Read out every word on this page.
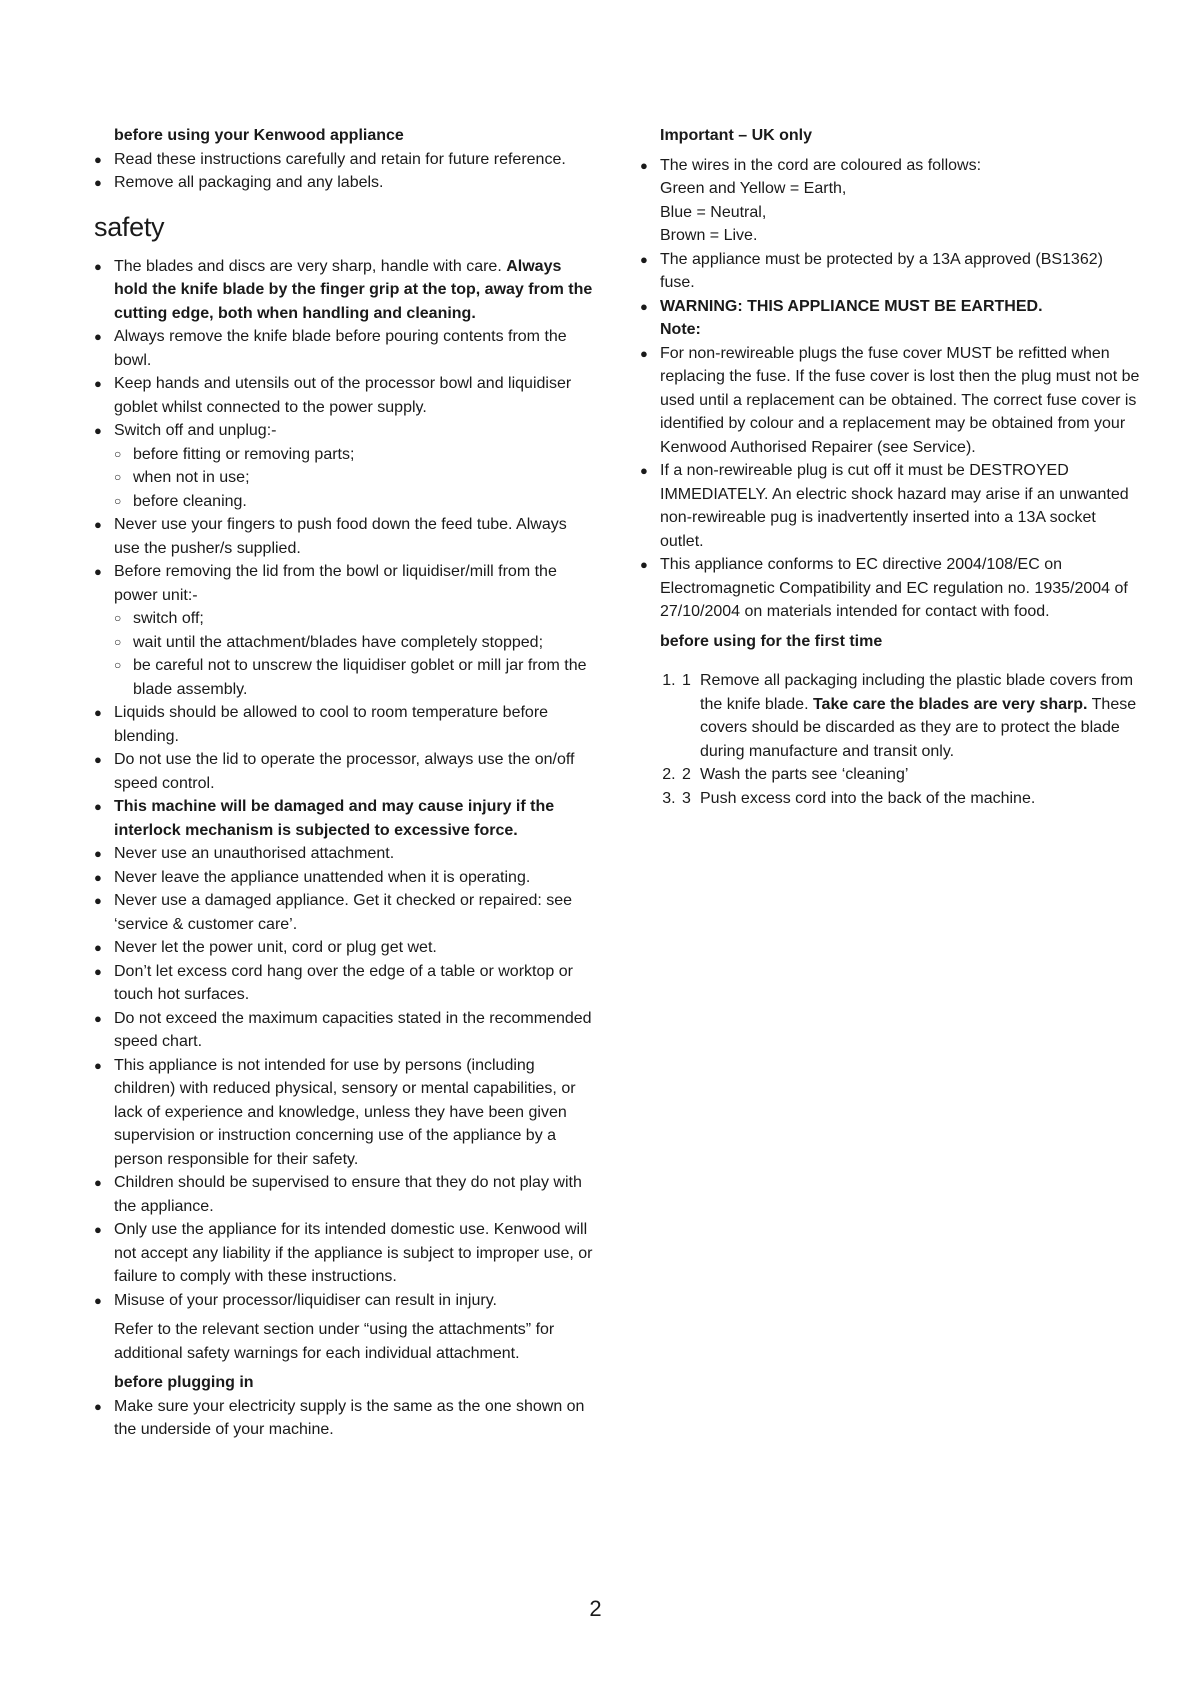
before using your Kenwood appliance

● Read these instructions carefully and retain for future reference.
● Remove all packaging and any labels.
safety
● The blades and discs are very sharp, handle with care. Always hold the knife blade by the finger grip at the top, away from the cutting edge, both when handling and cleaning.
● Always remove the knife blade before pouring contents from the bowl.
● Keep hands and utensils out of the processor bowl and liquidiser goblet whilst connected to the power supply.
● Switch off and unplug:-
○ before fitting or removing parts;
○ when not in use;
○ before cleaning.
● Never use your fingers to push food down the feed tube. Always use the pusher/s supplied.
● Before removing the lid from the bowl or liquidiser/mill from the power unit:-
○ switch off;
○ wait until the attachment/blades have completely stopped;
○ be careful not to unscrew the liquidiser goblet or mill jar from the blade assembly.
● Liquids should be allowed to cool to room temperature before blending.
● Do not use the lid to operate the processor, always use the on/off speed control.
● This machine will be damaged and may cause injury if the interlock mechanism is subjected to excessive force.
● Never use an unauthorised attachment.
● Never leave the appliance unattended when it is operating.
● Never use a damaged appliance. Get it checked or repaired: see ‘service & customer care’.
● Never let the power unit, cord or plug get wet.
● Don’t let excess cord hang over the edge of a table or worktop or touch hot surfaces.
● Do not exceed the maximum capacities stated in the recommended speed chart.
● This appliance is not intended for use by persons (including children) with reduced physical, sensory or mental capabilities, or lack of experience and knowledge, unless they have been given supervision or instruction concerning use of the appliance by a person responsible for their safety.
● Children should be supervised to ensure that they do not play with the appliance.
● Only use the appliance for its intended domestic use. Kenwood will not accept any liability if the appliance is subject to improper use, or failure to comply with these instructions.
● Misuse of your processor/liquidiser can result in injury.

Refer to the relevant section under “using the attachments” for additional safety warnings for each individual attachment.

before plugging in

● Make sure your electricity supply is the same as the one shown on the underside of your machine.

Important – UK only

● The wires in the cord are coloured as follows:
Green and Yellow = Earth,
Blue = Neutral,
Brown = Live.
● The appliance must be protected by a 13A approved (BS1362) fuse.
● WARNING: THIS APPLIANCE MUST BE EARTHED.

Note:

● For non-rewireable plugs the fuse cover MUST be refitted when replacing the fuse. If the fuse cover is lost then the plug must not be used until a replacement can be obtained. The correct fuse cover is identified by colour and a replacement may be obtained from your Kenwood Authorised Repairer (see Service).
● If a non-rewireable plug is cut off it must be DESTROYED IMMEDIATELY. An electric shock hazard may arise if an unwanted non-rewireable pug is inadvertently inserted into a 13A socket outlet.
● This appliance conforms to EC directive 2004/108/EC on Electromagnetic Compatibility and EC regulation no. 1935/2004 of 27/10/2004 on materials intended for contact with food.

before using for the first time

1. 1 Remove all packaging including the plastic blade covers from the knife blade. Take care the blades are very sharp. These covers should be discarded as they are to protect the blade during manufacture and transit only.
2. 2 Wash the parts see ‘cleaning’
3. 3 Push excess cord into the back of the machine.
2
